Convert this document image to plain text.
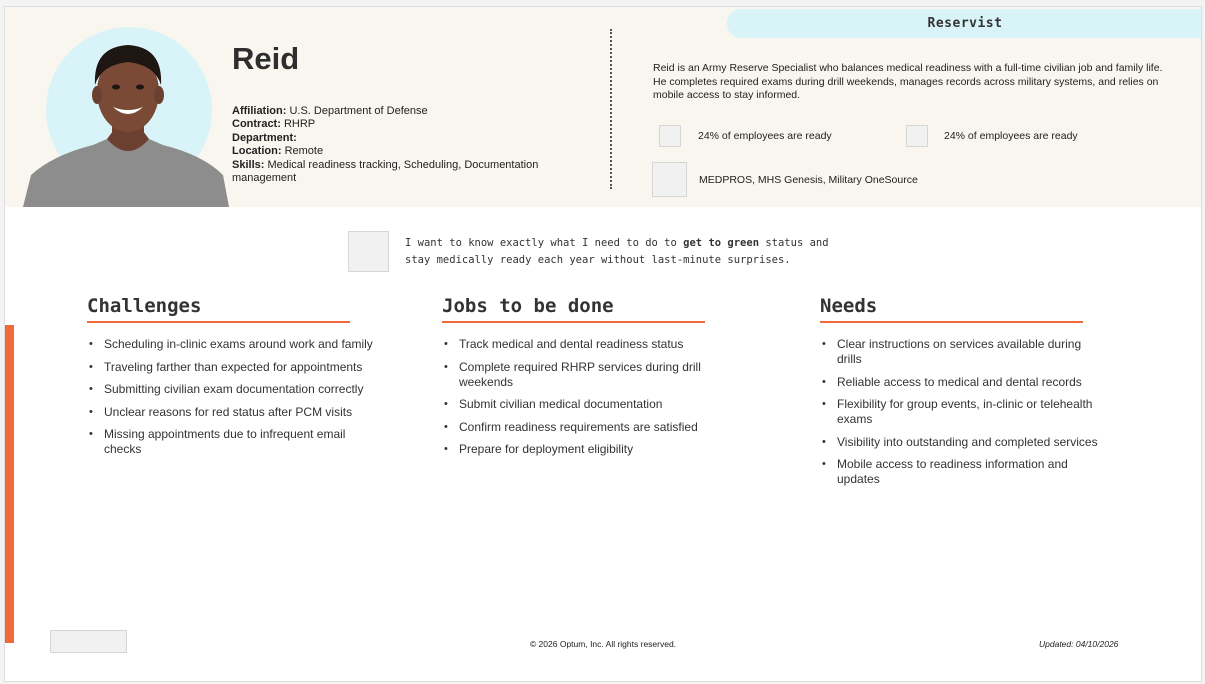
Reid
Affiliation: U.S. Department of Defense
Contract: RHRP
Department:
Location: Remote
Skills: Medical readiness tracking, Scheduling, Documentation management
Reservist
Reid is an Army Reserve Specialist who balances medical readiness with a full-time civilian job and family life. He completes required exams during drill weekends, manages records across military systems, and relies on mobile access to stay informed.
24% of employees are ready	24% of employees are ready
MEDPROS, MHS Genesis, Military OneSource
I want to know exactly what I need to do to get to green status and stay medically ready each year without last-minute surprises.
Challenges
• Scheduling in-clinic exams around work and family
• Traveling farther than expected for appointments
• Submitting civilian exam documentation correctly
• Unclear reasons for red status after PCM visits
• Missing appointments due to infrequent email checks
Jobs to be done
• Track medical and dental readiness status
• Complete required RHRP services during drill weekends
• Submit civilian medical documentation
• Confirm readiness requirements are satisfied
• Prepare for deployment eligibility
Needs
• Clear instructions on services available during drills
• Reliable access to medical and dental records
• Flexibility for group events, in-clinic or telehealth exams
• Visibility into outstanding and completed services
• Mobile access to readiness information and updates
© 2026 Optum, Inc. All rights reserved.	Updated: 04/10/2026
